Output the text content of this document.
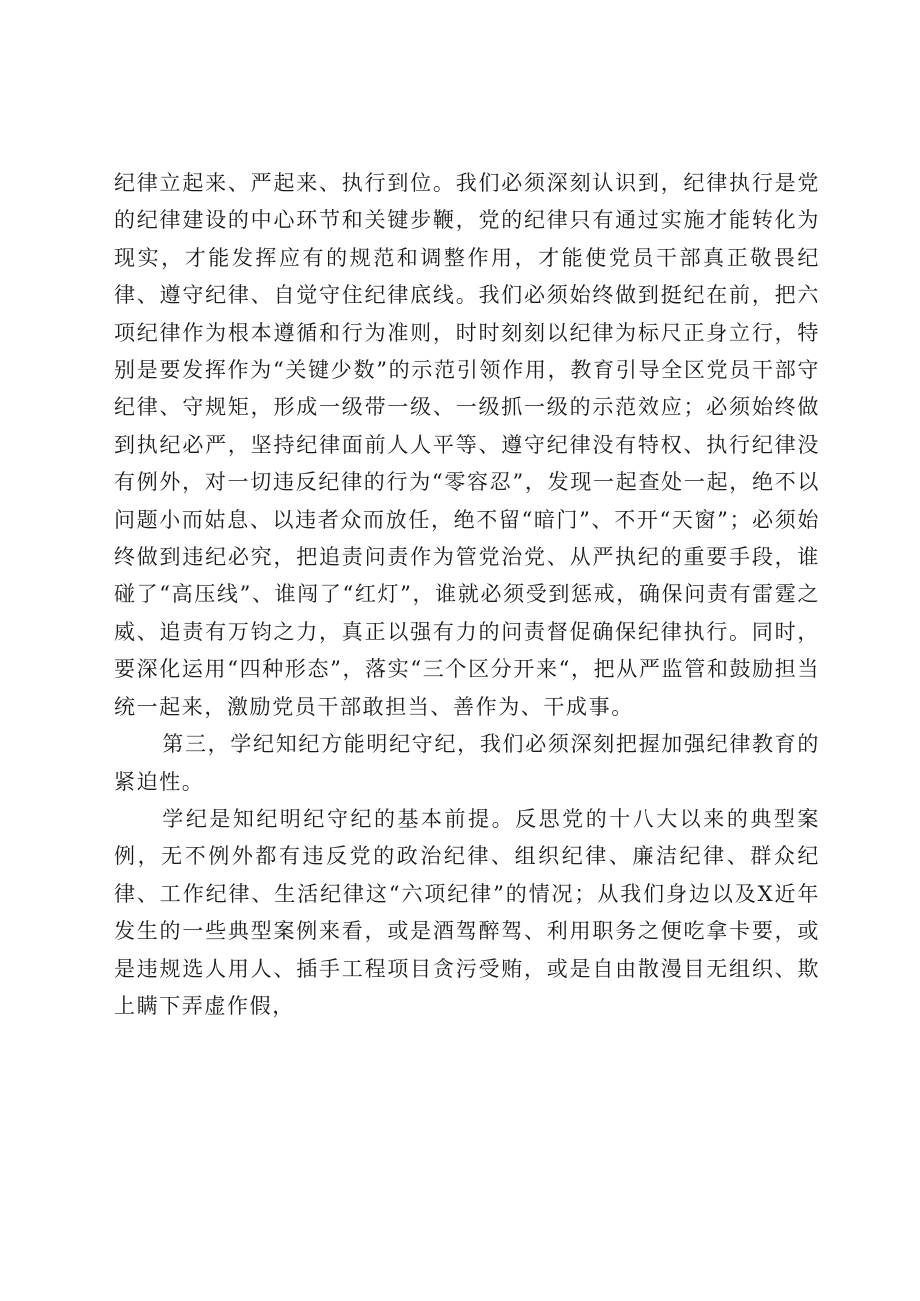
纪律立起来、严起来、执行到位。我们必须深刻认识到，纪律执行是党的纪律建设的中心环节和关键步鞭，党的纪律只有通过实施才能转化为现实，才能发挥应有的规范和调整作用，才能使党员干部真正敬畏纪律、遵守纪律、自觉守住纪律底线。我们必须始终做到挺纪在前，把六项纪律作为根本遵循和行为准则，时时刻刻以纪律为标尺正身立行，特别是要发挥作为“关键少数”的示范引领作用，教育引导全区党员干部守纪律、守规矩，形成一级带一级、一级抓一级的示范效应；必须始终做到执纪必严，坚持纪律面前人人平等、遵守纪律没有特权、执行纪律没有例外，对一切违反纪律的行为“零容忍”，发现一起查处一起，绝不以问题小而姑息、以违者众而放任，绝不留“暗门”、不开“天窗”；必须始终做到违纪必究，把追责问责作为管党治党、从严执纪的重要手段，谁碰了“高压线”、谁闯了“红灯”，谁就必须受到惩戒，确保问责有雷霆之威、追责有万钧之力，真正以强有力的问责督促确保纪律执行。同时，要深化运用“四种形态”，落实“三个区分开来“，把从严监管和鼓励担当统一起来，激励党员干部敢担当、善作为、干成事。

第三，学纪知纪方能明纪守纪，我们必须深刻把握加强纪律教育的紧迫性。

学纪是知纪明纪守纪的基本前提。反思党的十八大以来的典型案例，无不例外都有违反党的政治纪律、组织纪律、廉洁纪律、群众纪律、工作纪律、生活纪律这“六项纪律”的情况；从我们身边以及X近年发生的一些典型案例来看，或是酒驾醉驾、利用职务之便吃拿卡要，或是违规选人用人、插手工程项目贪污受贿，或是自由散漫目无组织、欺上瞒下弄虚作假，
